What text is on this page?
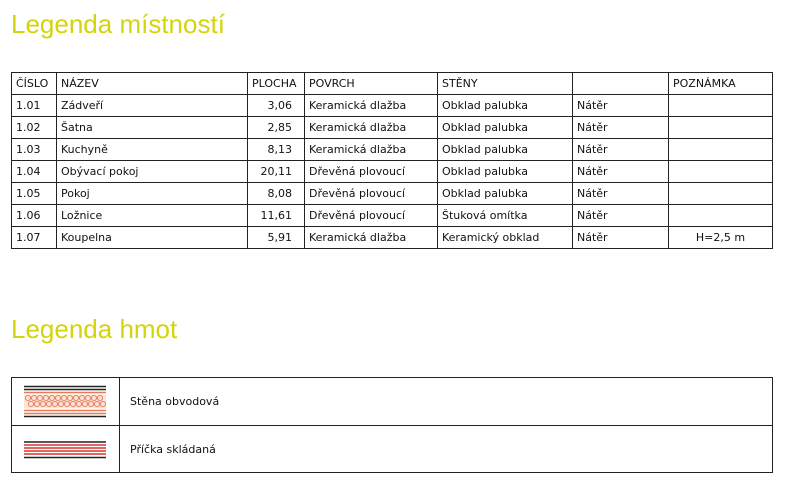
Legenda místností
ČÍSLO	NÁZEV	PLOCHA	POVRCH	STĚNY		POZNÁMKA
1.01	Zádveří	3,06	Keramická dlažba	Obklad palubka	Nátěr	
1.02	Šatna	2,85	Keramická dlažba	Obklad palubka	Nátěr	
1.03	Kuchyně	8,13	Keramická dlažba	Obklad palubka	Nátěr	
1.04	Obývací pokoj	20,11	Dřevěná plovoucí	Obklad palubka	Nátěr	
1.05	Pokoj	8,08	Dřevěná plovoucí	Obklad palubka	Nátěr	
1.06	Ložnice	11,61	Dřevěná plovoucí	Štuková omítka	Nátěr	
1.07	Koupelna	5,91	Keramická dlažba	Keramický obklad	Nátěr	H=2,5 m
Legenda hmot
Stěna obvodová
Příčka skládaná
